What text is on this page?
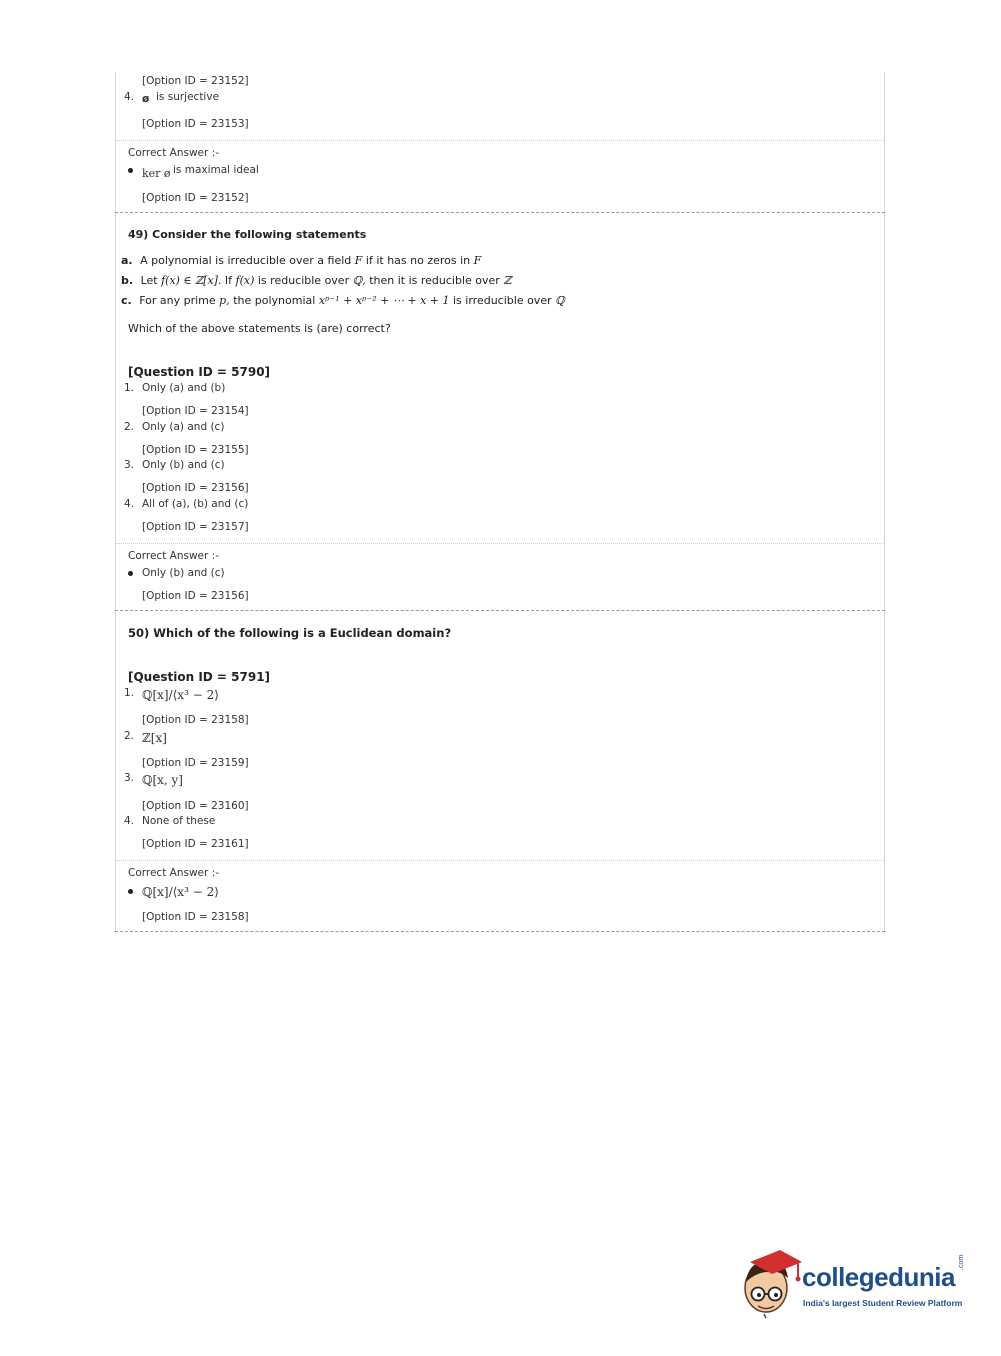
[Option ID = 23152]
4. ø is surjective
[Option ID = 23153]
Correct Answer :-
ker ø is maximal ideal
[Option ID = 23152]
49) Consider the following statements
a. A polynomial is irreducible over a field F if it has no zeros in F
b. Let f(x) ∈ ℤ[x]. If f(x) is reducible over ℚ, then it is reducible over ℤ
c. For any prime p, the polynomial xᵖ⁻¹ + xᵖ⁻² + ⋯ + x + 1 is irreducible over ℚ
Which of the above statements is (are) correct?
[Question ID = 5790]
1. Only (a) and (b)
[Option ID = 23154]
2. Only (a) and (c)
[Option ID = 23155]
3. Only (b) and (c)
[Option ID = 23156]
4. All of (a), (b) and (c)
[Option ID = 23157]
Correct Answer :-
Only (b) and (c)
[Option ID = 23156]
50) Which of the following is a Euclidean domain?
[Question ID = 5791]
1. ℚ[x]/⟨x³ − 2⟩
[Option ID = 23158]
2. ℤ[x]
[Option ID = 23159]
3. ℚ[x, y]
[Option ID = 23160]
4. None of these
[Option ID = 23161]
Correct Answer :-
ℚ[x]/⟨x³ − 2⟩
[Option ID = 23158]
collegedunia .com
India's largest Student Review Platform
